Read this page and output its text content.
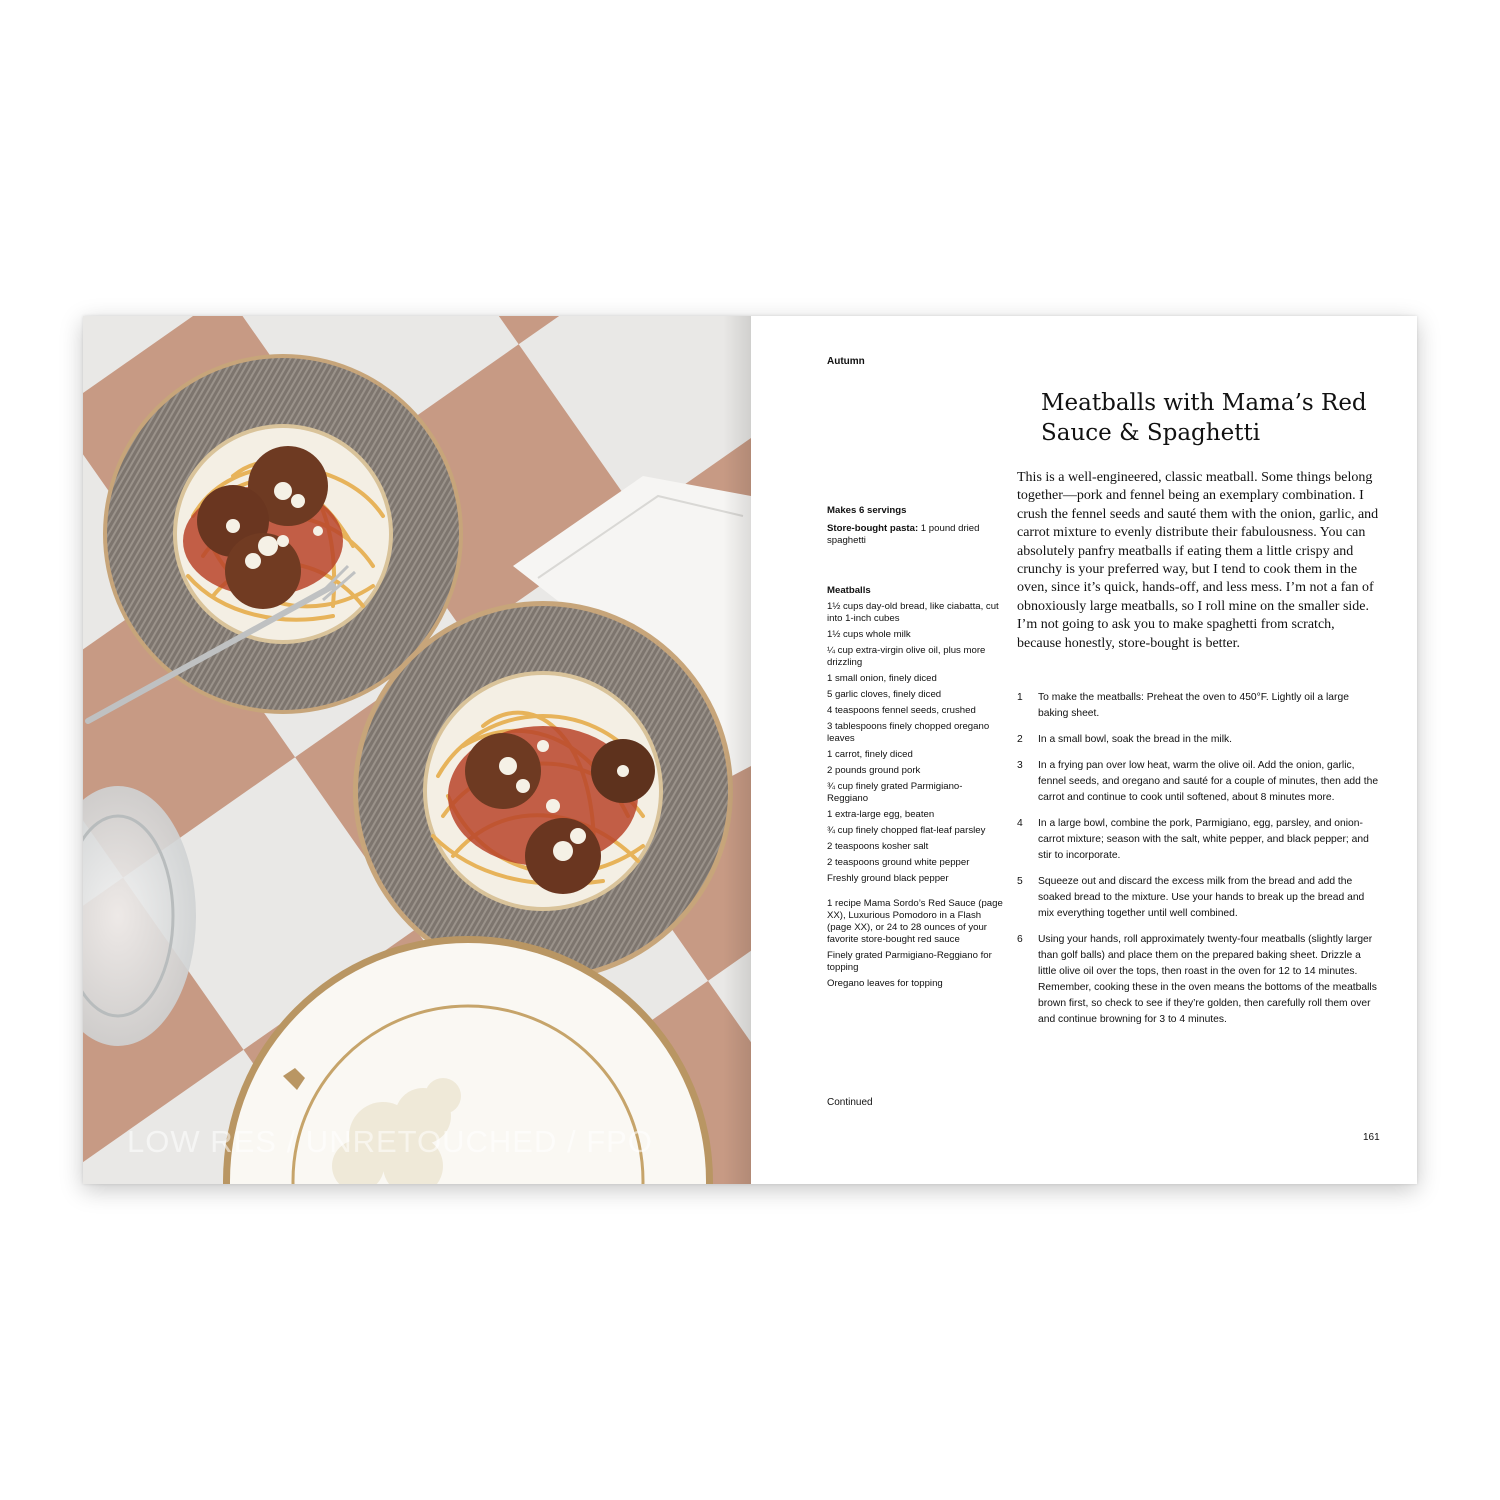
LOW RES / UNRETOUCHED / FPO
Autumn
Meatballs with Mama’s Red Sauce & Spaghetti

This is a well-engineered, classic meatball. Some things belong together—pork and fennel being an exemplary combination. I crush the fennel seeds and sauté them with the onion, garlic, and carrot mixture to evenly distribute their fabulousness. You can absolutely panfry meatballs if eating them a little crispy and crunchy is your preferred way, but I tend to cook them in the oven, since it’s quick, hands-off, and less mess. I’m not a fan of obnoxiously large meatballs, so I roll mine on the smaller side. I’m not going to ask you to make spaghetti from scratch, because honestly, store-bought is better.

Makes 6 servings

Store-bought pasta: 1 pound dried spaghetti

Meatballs

1½ cups day-old bread, like ciabatta, cut into 1-inch cubes
1½ cups whole milk
¼ cup extra-virgin olive oil, plus more drizzling
1 small onion, finely diced
5 garlic cloves, finely diced
4 teaspoons fennel seeds, crushed
3 tablespoons finely chopped oregano leaves
1 carrot, finely diced
2 pounds ground pork
¾ cup finely grated Parmigiano-Reggiano
1 extra-large egg, beaten
¾ cup finely chopped flat-leaf parsley
2 teaspoons kosher salt
2 teaspoons ground white pepper
Freshly ground black pepper
1 recipe Mama Sordo’s Red Sauce (page XX), Luxurious Pomodoro in a Flash (page XX), or 24 to 28 ounces of your favorite store-bought red sauce
Finely grated Parmigiano-Reggiano for topping
Oregano leaves for topping
1 To make the meatballs: Preheat the oven to 450°F. Lightly oil a large baking sheet.
2 In a small bowl, soak the bread in the milk.
3 In a frying pan over low heat, warm the olive oil. Add the onion, garlic, fennel seeds, and oregano and sauté for a couple of minutes, then add the carrot and continue to cook until softened, about 8 minutes more.
4 In a large bowl, combine the pork, Parmigiano, egg, parsley, and onion-carrot mixture; season with the salt, white pepper, and black pepper; and stir to incorporate.
5 Squeeze out and discard the excess milk from the bread and add the soaked bread to the mixture. Use your hands to break up the bread and mix everything together until well combined.
6 Using your hands, roll approximately twenty-four meatballs (slightly larger than golf balls) and place them on the prepared baking sheet. Drizzle a little olive oil over the tops, then roast in the oven for 12 to 14 minutes. Remember, cooking these in the oven means the bottoms of the meatballs brown first, so check to see if they’re golden, then carefully roll them over and continue browning for 3 to 4 minutes.
Continued
161
